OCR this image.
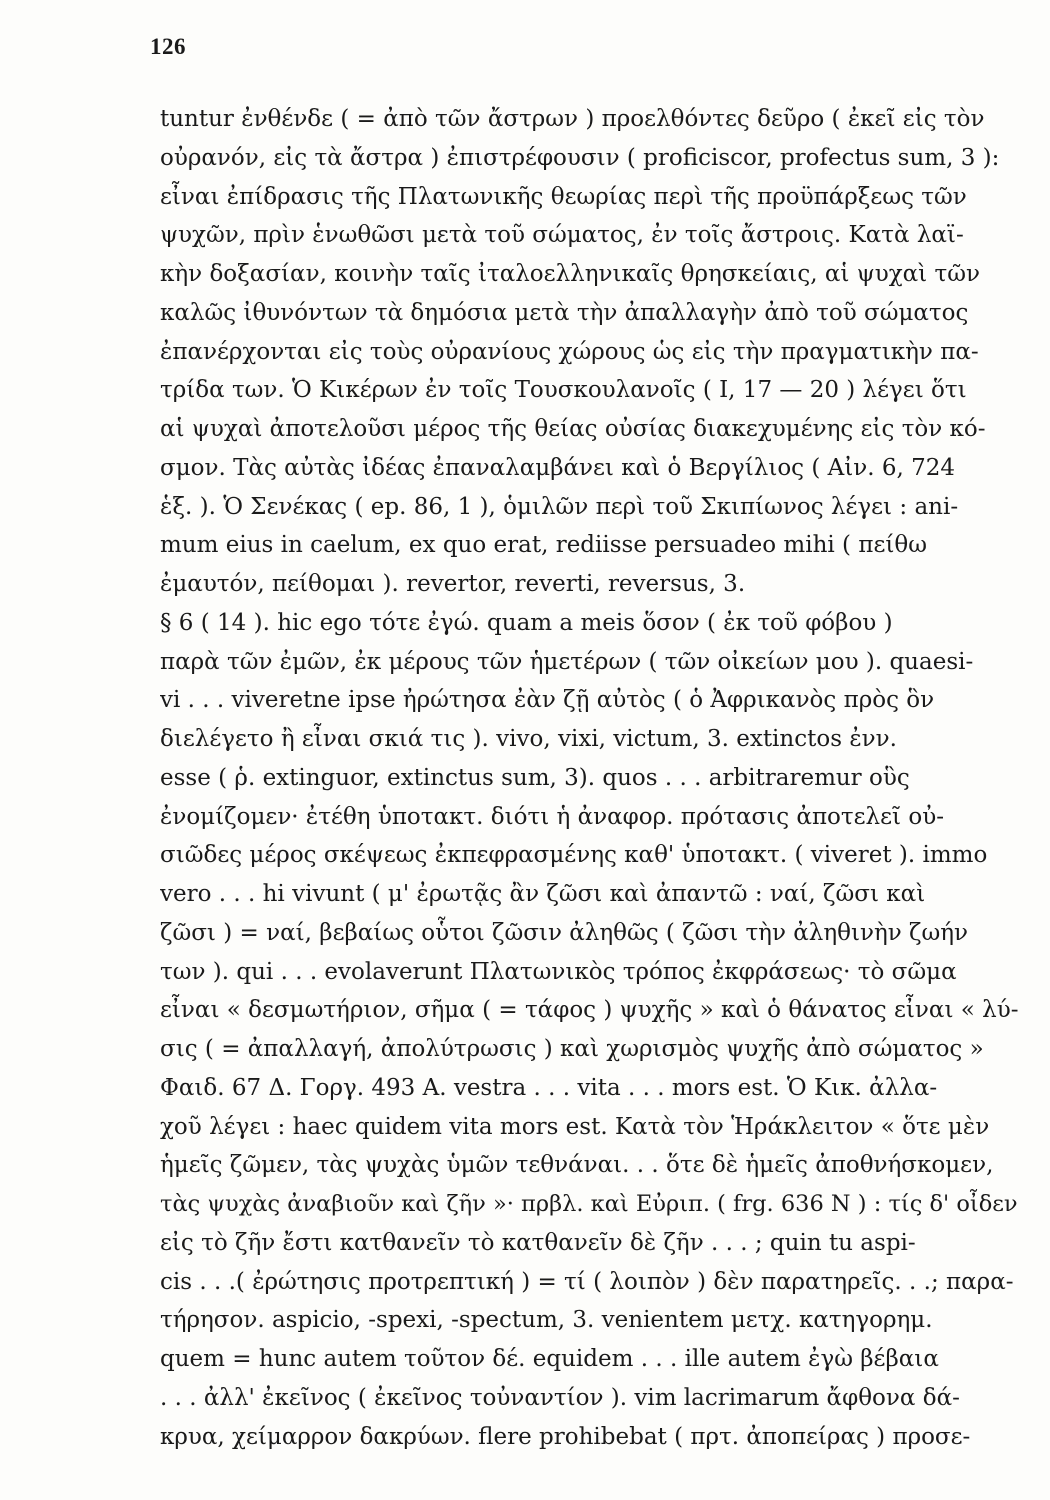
126
tuntur ἐνθένδε ( = ἀπὸ τῶν ἄστρων ) προελθόντες δεῦρο ( ἐκεῖ εἰς τὸν
οὐρανόν, εἰς τὰ ἄστρα ) ἐπιστρέφουσιν ( proficiscor, profectus sum, 3 ):
εἶναι ἐπίδρασις τῆς Πλατωνικῆς θεωρίας περὶ τῆς προϋπάρξεως τῶν
ψυχῶν, πρὶν ἑνωθῶσι μετὰ τοῦ σώματος, ἐν τοῖς ἄστροις. Κατὰ λαϊ-
κὴν δοξασίαν, κοινὴν ταῖς ἰταλοελληνικαῖς θρησκείαις, αἱ ψυχαὶ τῶν
καλῶς ἰθυνόντων τὰ δημόσια μετὰ τὴν ἀπαλλαγὴν ἀπὸ τοῦ σώματος
ἐπανέρχονται εἰς τοὺς οὐρανίους χώρους ὡς εἰς τὴν πραγματικὴν πα-
τρίδα των. Ὁ Κικέρων ἐν τοῖς Τουσκουλανοῖς ( I, 17 — 20 ) λέγει ὅτι
αἱ ψυχαὶ ἀποτελοῦσι μέρος τῆς θείας οὐσίας διακεχυμένης εἰς τὸν κό-
σμον. Τὰς αὐτὰς ἰδέας ἐπαναλαμβάνει καὶ ὁ Βεργίλιος ( Αἰν. 6, 724
ἑξ. ). Ὁ Σενέκας ( ep. 86, 1 ), ὁμιλῶν περὶ τοῦ Σκιπίωνος λέγει : ani-
mum eius in caelum, ex quo erat, rediisse persuadeo mihi ( πείθω
ἐμαυτόν, πείθομαι ). revertor, reverti, reversus, 3.
§ 6 ( 14 ). hic ego τότε ἐγώ. quam a meis ὅσον ( ἐκ τοῦ φόβου )
παρὰ τῶν ἐμῶν, ἐκ μέρους τῶν ἡμετέρων ( τῶν οἰκείων μου ). quaesi-
vi . . . viveretne ipse ἠρώτησα ἐὰν ζῇ αὐτὸς ( ὁ Ἀφρικανὸς πρὸς ὃν
διελέγετο ἢ εἶναι σκιά τις ). vivo, vixi, victum, 3. extinctos ἐνν.
esse ( ῥ. extinguor, extinctus sum, 3). quos . . . arbitraremur οὓς
ἐνομίζομεν· ἐτέθη ὑποτακτ. διότι ἡ ἀναφορ. πρότασις ἀποτελεῖ οὐ-
σιῶδες μέρος σκέψεως ἐκπεφρασμένης καθ' ὑποτακτ. ( viveret ). immo
vero . . . hi vivunt ( μ' ἐρωτᾷς ἂν ζῶσι καὶ ἀπαντῶ : ναί, ζῶσι καὶ
ζῶσι ) = ναί, βεβαίως οὗτοι ζῶσιν ἀληθῶς ( ζῶσι τὴν ἀληθινὴν ζωήν
των ). qui . . . evolaverunt Πλατωνικὸς τρόπος ἐκφράσεως· τὸ σῶμα
εἶναι « δεσμωτήριον, σῆμα ( = τάφος ) ψυχῆς » καὶ ὁ θάνατος εἶναι « λύ-
σις ( = ἀπαλλαγή, ἀπολύτρωσις ) καὶ χωρισμὸς ψυχῆς ἀπὸ σώματος »
Φαιδ. 67 Δ. Γοργ. 493 Α. vestra . . . vita . . . mors est. Ὁ Κικ. ἀλλα-
χοῦ λέγει : haec quidem vita mors est. Κατὰ τὸν Ἡράκλειτον « ὅτε μὲν
ἡμεῖς ζῶμεν, τὰς ψυχὰς ὑμῶν τεθνάναι. . . ὅτε δὲ ἡμεῖς ἀποθνήσκομεν,
τὰς ψυχὰς ἀναβιοῦν καὶ ζῆν »· πρβλ. καὶ Εὐριπ. ( frg. 636 N ) : τίς δ' οἶδεν
εἰς τὸ ζῆν ἔστι κατθανεῖν τὸ κατθανεῖν δὲ ζῆν . . . ; quin tu aspi-
cis . . .( ἐρώτησις προτρεπτική ) = τί ( λοιπὸν ) δὲν παρατηρεῖς. . .; παρα-
τήρησον. aspicio, -spexi, -spectum, 3. venientem μετχ. κατηγορημ.
quem = hunc autem τοῦτον δέ. equidem . . . ille autem ἐγὼ βέβαια
. . . ἀλλ' ἐκεῖνος ( ἐκεῖνος τοὐναντίον ). vim lacrimarum ἄφθονα δά-
κρυα, χείμαρρον δακρύων. flere prohibebat ( πρτ. ἀποπείρας ) προσε-
